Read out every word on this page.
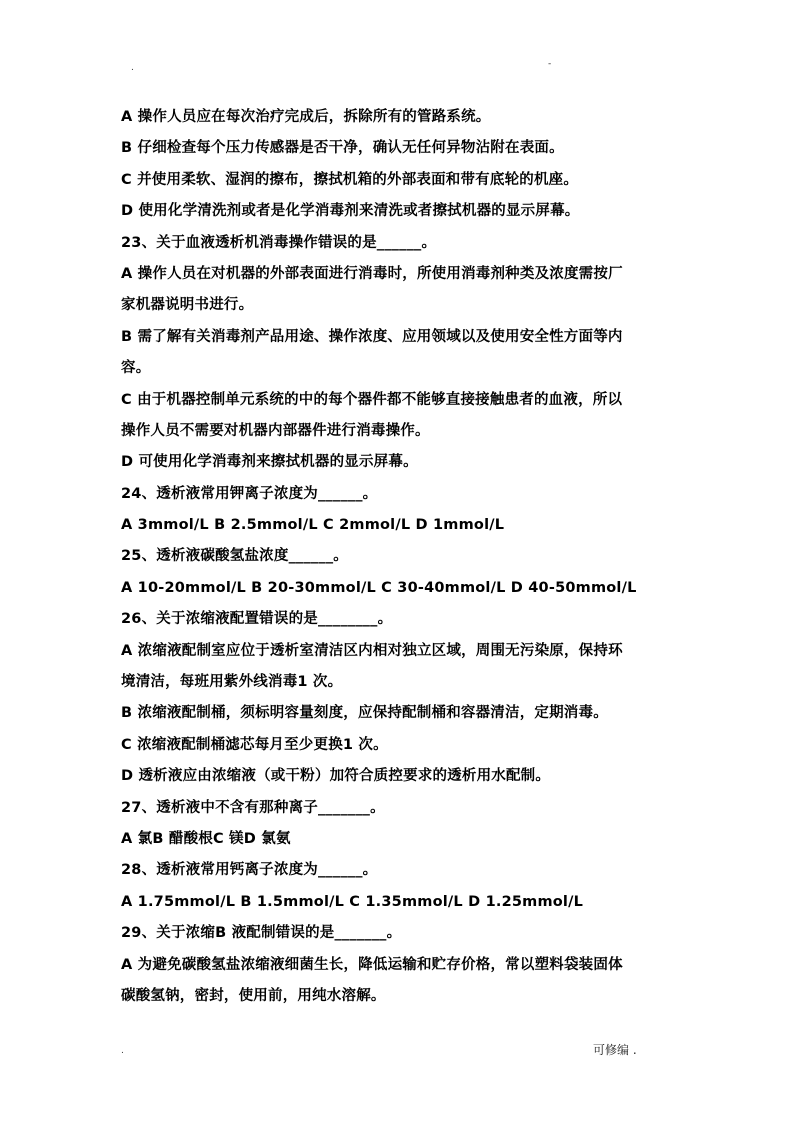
.	-
A 操作人员应在每次治疗完成后，拆除所有的管路系统。
B 仔细检查每个压力传感器是否干净，确认无任何异物沾附在表面。
C 并使用柔软、湿润的擦布，擦拭机箱的外部表面和带有底轮的机座。
D 使用化学清洗剂或者是化学消毒剂来清洗或者擦拭机器的显示屏幕。
23、关于血液透析机消毒操作错误的是______。
A 操作人员在对机器的外部表面进行消毒时，所使用消毒剂种类及浓度需按厂
家机器说明书进行。
B 需了解有关消毒剂产品用途、操作浓度、应用领域以及使用安全性方面等内
容。
C 由于机器控制单元系统的中的每个器件都不能够直接接触患者的血液，所以
操作人员不需要对机器内部器件进行消毒操作。
D 可使用化学消毒剂来擦拭机器的显示屏幕。
24、透析液常用钾离子浓度为______。
A 3mmol/L B 2.5mmol/L C 2mmol/L D 1mmol/L
25、透析液碳酸氢盐浓度______。
A 10-20mmol/L B 20-30mmol/L C 30-40mmol/L D 40-50mmol/L
26、关于浓缩液配置错误的是________。
A 浓缩液配制室应位于透析室清洁区内相对独立区域，周围无污染原，保持环
境清洁，每班用紫外线消毒1 次。
B 浓缩液配制桶，须标明容量刻度，应保持配制桶和容器清洁，定期消毒。
C 浓缩液配制桶滤芯每月至少更换1 次。
D 透析液应由浓缩液（或干粉）加符合质控要求的透析用水配制。
27、透析液中不含有那种离子_______。
A 氯B 醋酸根C 镁D 氯氨
28、透析液常用钙离子浓度为______。
A 1.75mmol/L B 1.5mmol/L C 1.35mmol/L D 1.25mmol/L
29、关于浓缩B 液配制错误的是_______。
A 为避免碳酸氢盐浓缩液细菌生长，降低运输和贮存价格，常以塑料袋装固体
碳酸氢钠，密封，使用前，用纯水溶解。
.	可修编 .
